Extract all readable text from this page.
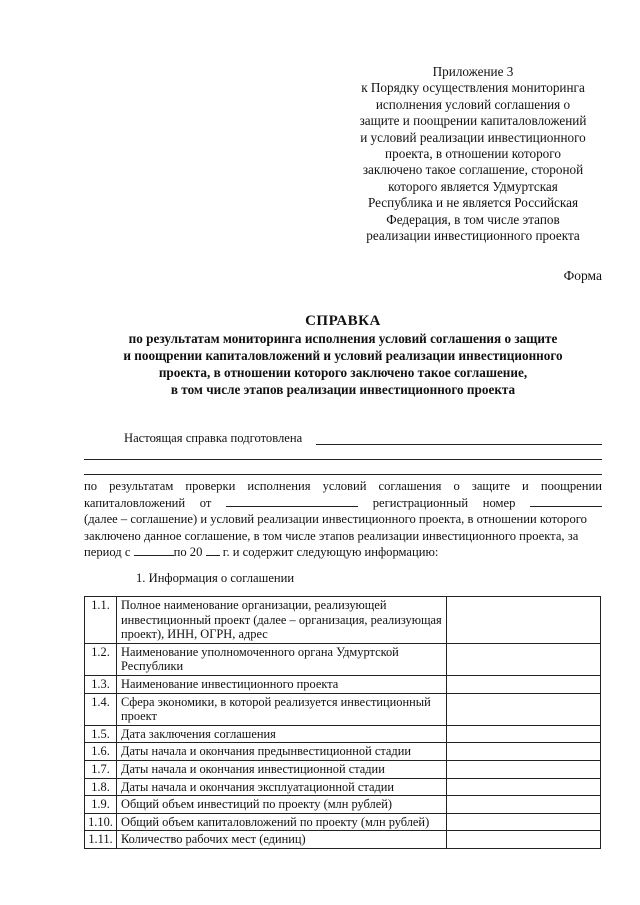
Приложение 3
к Порядку осуществления мониторинга
исполнения условий соглашения о
защите и поощрении капиталовложений
и условий реализации инвестиционного
проекта, в отношении которого
заключено такое соглашение, стороной
которого является Удмуртская
Республика и не является Российская
Федерация, в том числе этапов
реализации инвестиционного проекта
Форма
СПРАВКА
по результатам мониторинга исполнения условий соглашения о защите
и поощрении капиталовложений и условий реализации инвестиционного
проекта, в отношении которого заключено такое соглашение,
в том числе этапов реализации инвестиционного проекта
Настоящая справка подготовлена
по результатам проверки исполнения условий соглашения о защите и поощрении
капиталовложений от	регистрационный номер
(далее – соглашение) и условий реализации инвестиционного проекта, в отношении которого
заключено данное соглашение, в том числе этапов реализации инвестиционного проекта, за
период с	по 20 г. и содержит следующую информацию:
1. Информация о соглашении
1.1.	Полное наименование организации, реализующей инвестиционный проект (далее – организация, реализующая проект), ИНН, ОГРН, адрес	
1.2.	Наименование уполномоченного органа Удмуртской Республики	
1.3.	Наименование инвестиционного проекта	
1.4.	Сфера экономики, в которой реализуется инвестиционный проект	
1.5.	Дата заключения соглашения	
1.6.	Даты начала и окончания предынвестиционной стадии	
1.7.	Даты начала и окончания инвестиционной стадии	
1.8.	Даты начала и окончания эксплуатационной стадии	
1.9.	Общий объем инвестиций по проекту (млн рублей)	
1.10.	Общий объем капиталовложений по проекту (млн рублей)	
1.11.	Количество рабочих мест (единиц)	
